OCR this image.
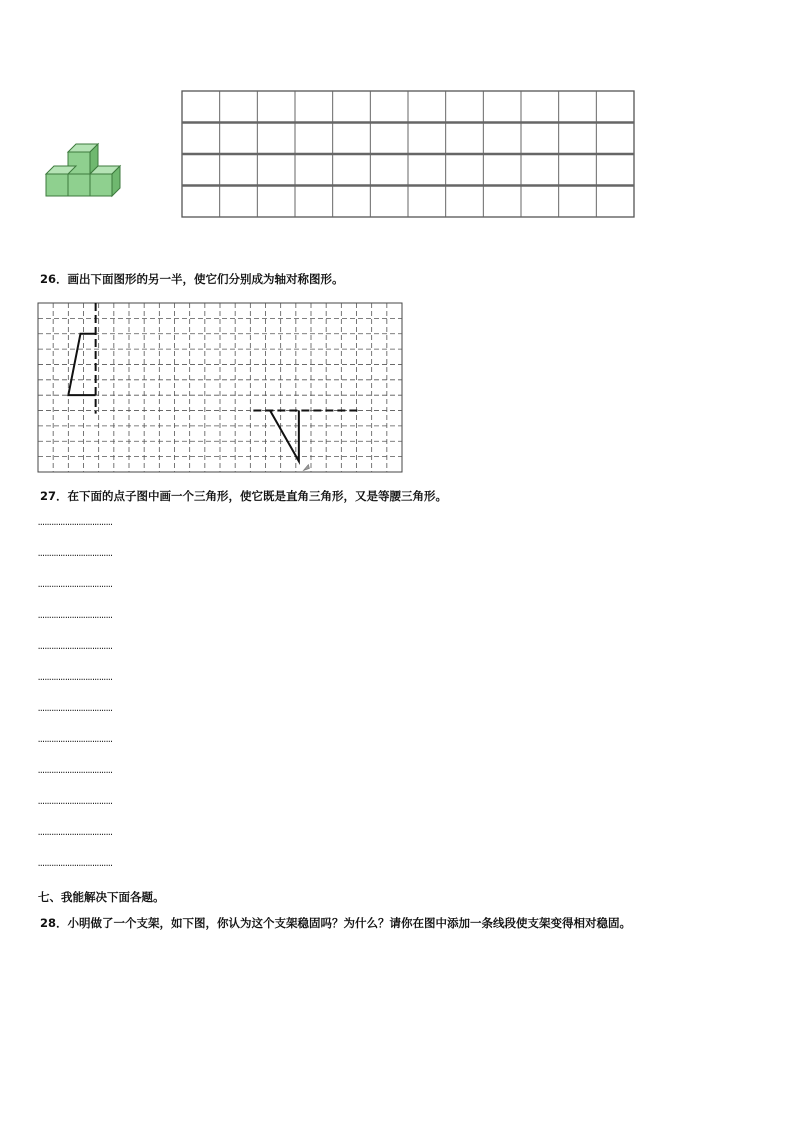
26．画出下面图形的另一半，使它们分别成为轴对称图形。
27．在下面的点子图中画一个三角形，使它既是直角三角形，又是等腰三角形。
……………………………
……………………………
……………………………
……………………………
……………………………
……………………………
……………………………
……………………………
……………………………
……………………………
……………………………
……………………………
七、我能解决下面各题。
28．小明做了一个支架，如下图，你认为这个支架稳固吗？为什么？请你在图中添加一条线段使支架变得相对稳固。
